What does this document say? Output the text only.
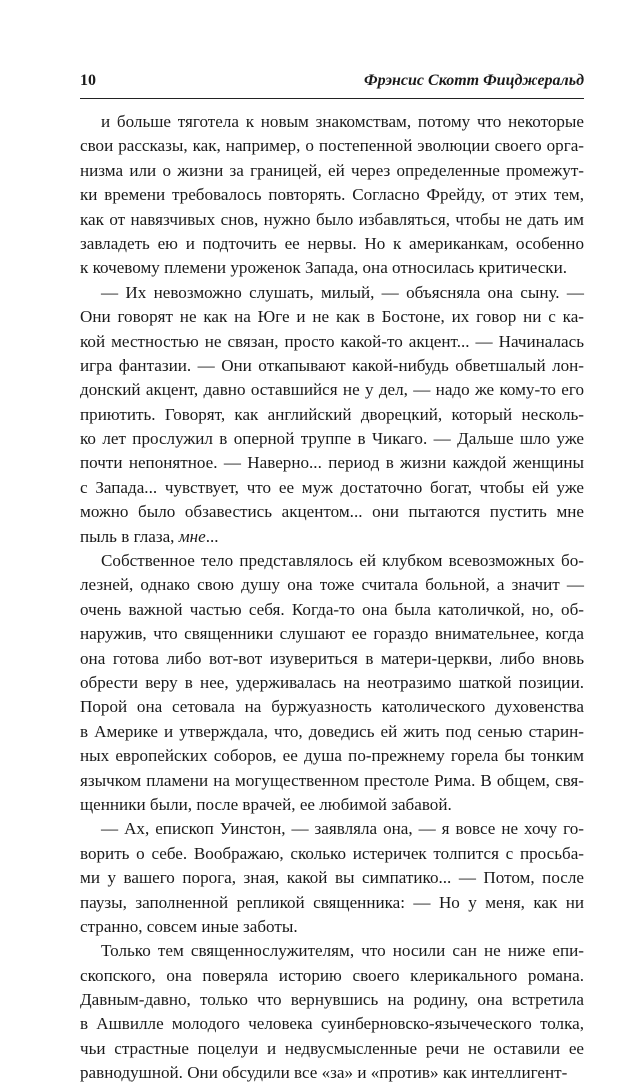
10	Фрэнсис Скотт Фицджеральд
и больше тяготела к новым знакомствам, потому что некоторые
свои рассказы, как, например, о постепенной эволюции своего орга-
низма или о жизни за границей, ей через определенные промежут-
ки времени требовалось повторять. Согласно Фрейду, от этих тем,
как от навязчивых снов, нужно было избавляться, чтобы не дать им
завладеть ею и подточить ее нервы. Но к американкам, особенно
к кочевому племени уроженок Запада, она относилась критически.
— Их невозможно слушать, милый, — объясняла она сыну. —
Они говорят не как на Юге и не как в Бостоне, их говор ни с ка-
кой местностью не связан, просто какой-то акцент... — Начиналась
игра фантазии. — Они откапывают какой-нибудь обветшалый лон-
донский акцент, давно оставшийся не у дел, — надо же кому-то его
приютить. Говорят, как английский дворецкий, который несколь-
ко лет прослужил в оперной труппе в Чикаго. — Дальше шло уже
почти непонятное. — Наверно... период в жизни каждой женщины
с Запада... чувствует, что ее муж достаточно богат, чтобы ей уже
можно было обзавестись акцентом... они пытаются пустить мне
пыль в глаза, мне...
Собственное тело представлялось ей клубком всевозможных бо-
лезней, однако свою душу она тоже считала больной, а значит —
очень важной частью себя. Когда-то она была католичкой, но, об-
наружив, что священники слушают ее гораздо внимательнее, когда
она готова либо вот-вот изувериться в матери-церкви, либо вновь
обрести веру в нее, удерживалась на неотразимо шаткой позиции.
Порой она сетовала на буржуазность католического духовенства
в Америке и утверждала, что, доведись ей жить под сенью старин-
ных европейских соборов, ее душа по-прежнему горела бы тонким
язычком пламени на могущественном престоле Рима. В общем, свя-
щенники были, после врачей, ее любимой забавой.
— Ах, епископ Уинстон, — заявляла она, — я вовсе не хочу го-
ворить о себе. Воображаю, сколько истеричек толпится с просьба-
ми у вашего порога, зная, какой вы симпатико... — Потом, после
паузы, заполненной репликой священника: — Но у меня, как ни
странно, совсем иные заботы.
Только тем священнослужителям, что носили сан не ниже епи-
скопского, она поверяла историю своего клерикального романа.
Давным-давно, только что вернувшись на родину, она встретила
в Ашвилле молодого человека суинберновско-язычеческого толка,
чьи страстные поцелуи и недвусмысленные речи не оставили ее
равнодушной. Они обсудили все «за» и «против» как интеллигент-
